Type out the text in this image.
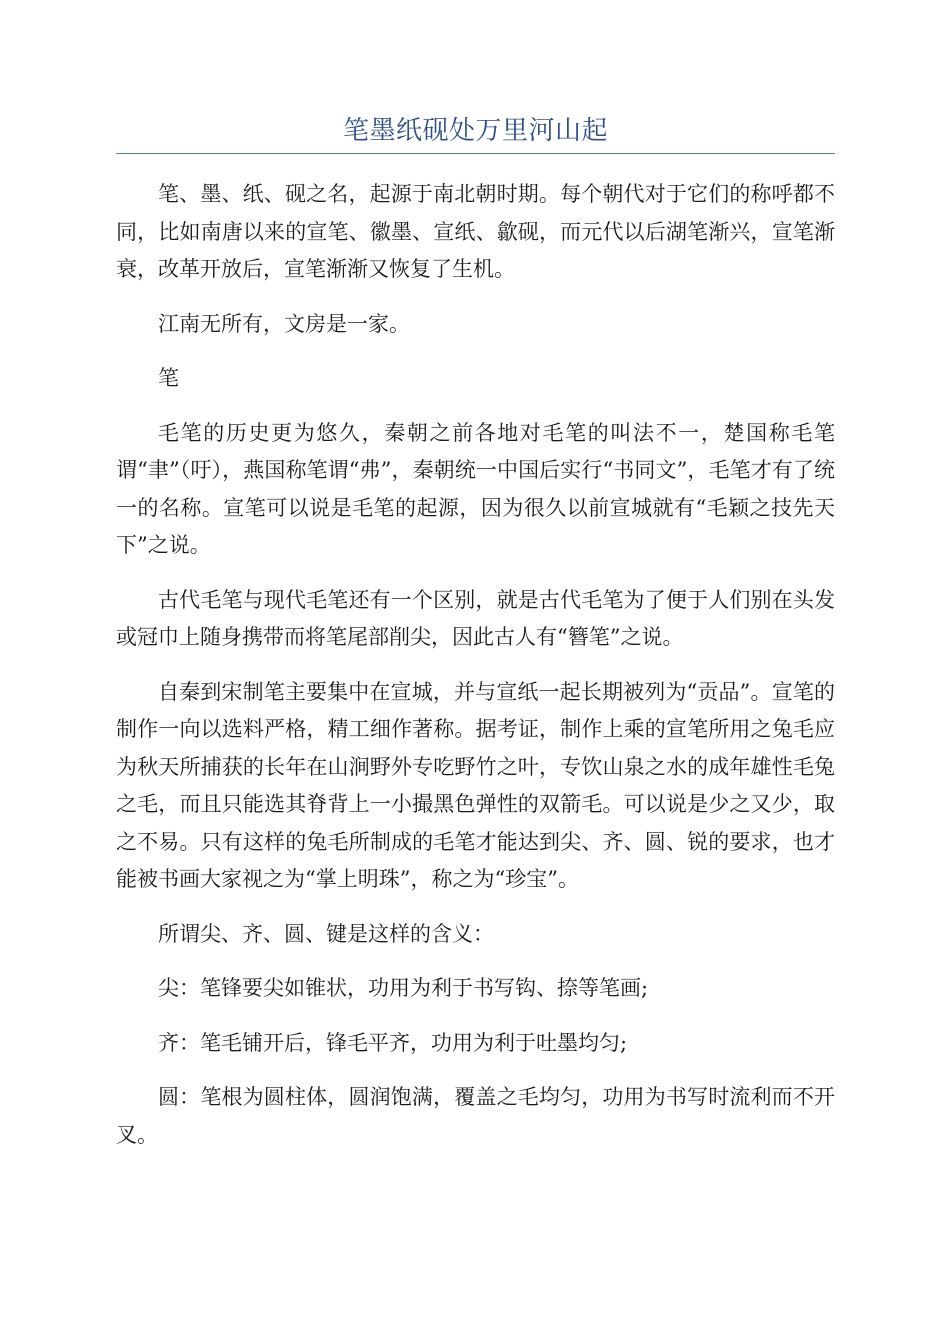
笔墨纸砚处万里河山起

笔、墨、纸、砚之名，起源于南北朝时期。每个朝代对于它们的称呼都不同，比如南唐以来的宣笔、徽墨、宣纸、歙砚，而元代以后湖笔渐兴，宣笔渐衰，改革开放后，宣笔渐渐又恢复了生机。

江南无所有，文房是一家。

笔

毛笔的历史更为悠久，秦朝之前各地对毛笔的叫法不一，楚国称毛笔谓“聿”（吁），燕国称笔谓“弗”，秦朝统一中国后实行“书同文”，毛笔才有了统一的名称。宣笔可以说是毛笔的起源，因为很久以前宣城就有“毛颖之技先天下”之说。

古代毛笔与现代毛笔还有一个区别，就是古代毛笔为了便于人们别在头发或冠巾上随身携带而将笔尾部削尖，因此古人有“簪笔”之说。

自秦到宋制笔主要集中在宣城，并与宣纸一起长期被列为“贡品”。宣笔的制作一向以选料严格，精工细作著称。据考证，制作上乘的宣笔所用之兔毛应为秋天所捕获的长年在山涧野外专吃野竹之叶，专饮山泉之水的成年雄性毛兔之毛，而且只能选其脊背上一小撮黑色弹性的双箭毛。可以说是少之又少，取之不易。只有这样的兔毛所制成的毛笔才能达到尖、齐、圆、锐的要求，也才能被书画大家视之为“掌上明珠”，称之为“珍宝”。

所谓尖、齐、圆、键是这样的含义：

尖：笔锋要尖如锥状，功用为利于书写钩、捺等笔画;

齐：笔毛铺开后，锋毛平齐，功用为利于吐墨均匀;

圆：笔根为圆柱体，圆润饱满，覆盖之毛均匀，功用为书写时流利而不开叉。
